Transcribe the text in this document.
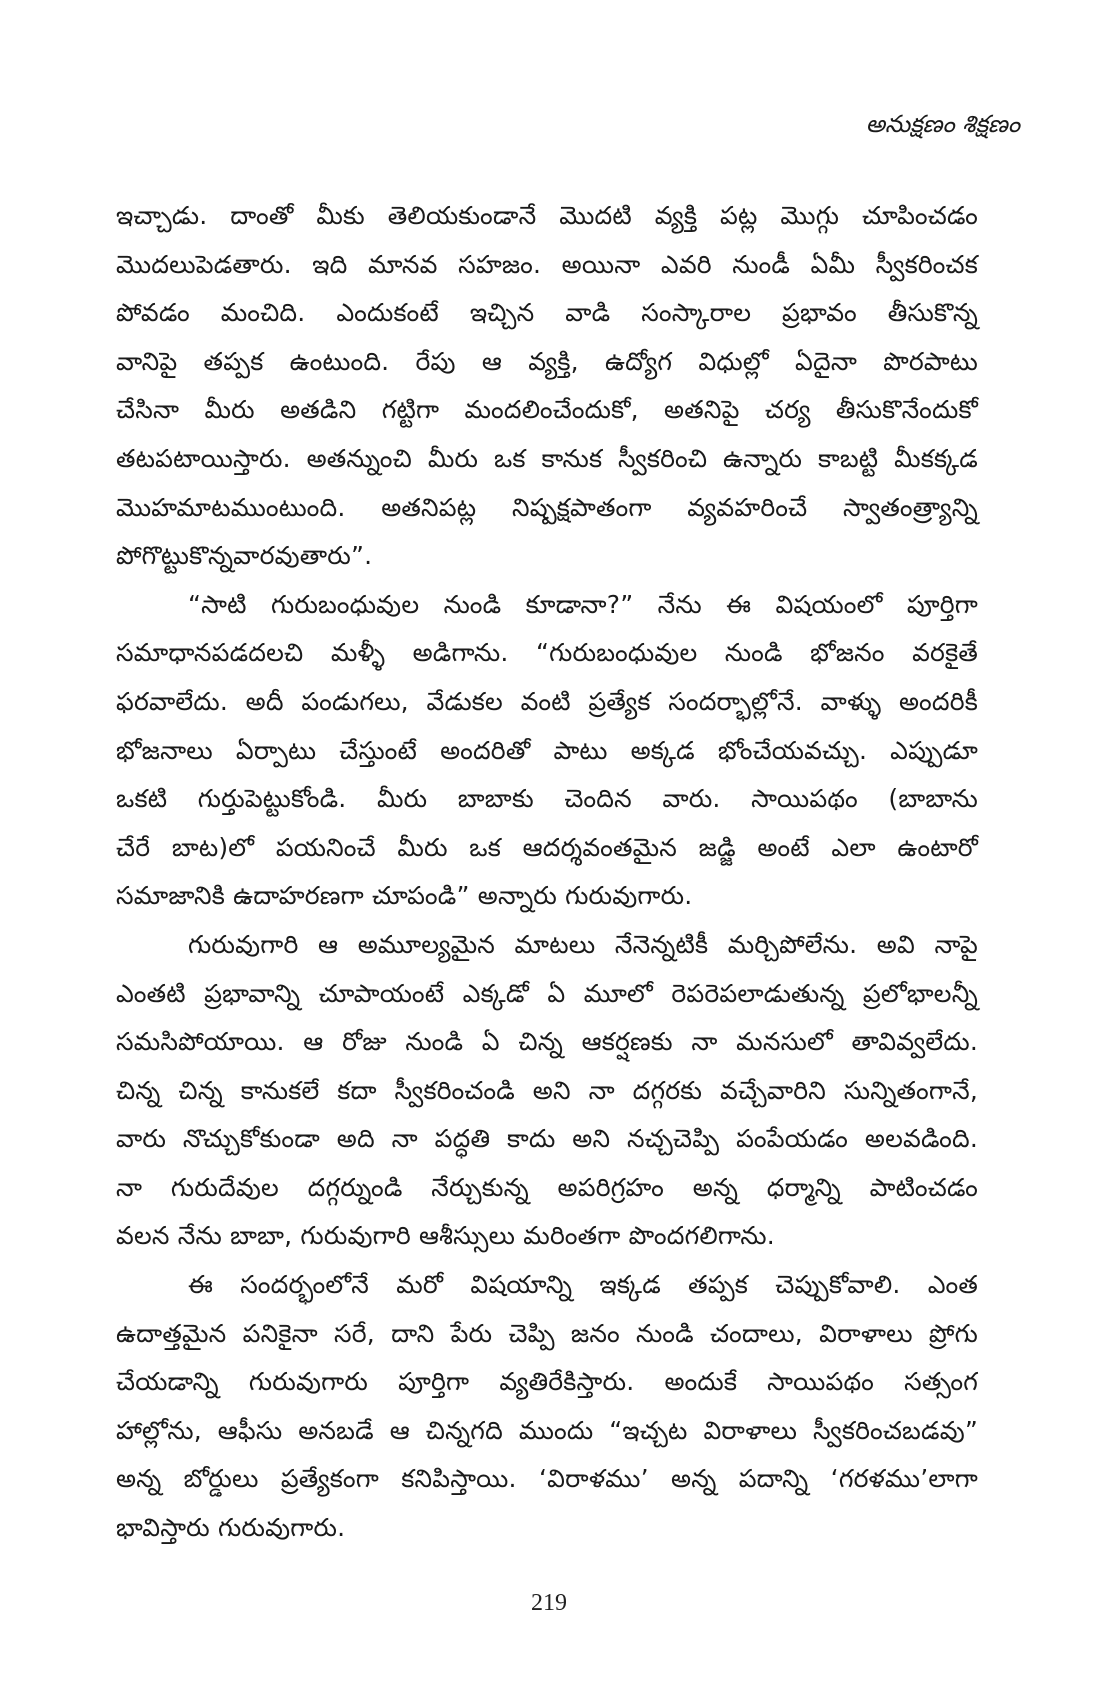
అనుక్షణం శిక్షణం
ఇచ్చాడు. దాంతో మీకు తెలియకుండానే మొదటి వ్యక్తి పట్ల మొగ్గు చూపించడం
మొదలుపెడతారు. ఇది మానవ సహజం. అయినా ఎవరి నుండీ ఏమీ స్వీకరించక
పోవడం మంచిది. ఎందుకంటే ఇచ్చిన వాడి సంస్కారాల ప్రభావం తీసుకొన్న
వానిపై తప్పక ఉంటుంది. రేపు ఆ వ్యక్తి, ఉద్యోగ విధుల్లో ఏదైనా పొరపాటు
చేసినా మీరు అతడిని గట్టిగా మందలించేందుకో, అతనిపై చర్య తీసుకొనేందుకో
తటపటాయిస్తారు. అతన్నుంచి మీరు ఒక కానుక స్వీకరించి ఉన్నారు కాబట్టి మీకక్కడ
మొహమాటముంటుంది. అతనిపట్ల నిష్పక్షపాతంగా వ్యవహరించే స్వాతంత్ర్యాన్ని
పోగొట్టుకొన్నవారవుతారు”.
“సాటి గురుబంధువుల నుండి కూడానా?” నేను ఈ విషయంలో పూర్తిగా
సమాధానపడదలచి మళ్ళీ అడిగాను. “గురుబంధువుల నుండి భోజనం వరకైతే
ఫరవాలేదు. అదీ పండుగలు, వేడుకల వంటి ప్రత్యేక సందర్భాల్లోనే. వాళ్ళు అందరికీ
భోజనాలు ఏర్పాటు చేస్తుంటే అందరితో పాటు అక్కడ భోంచేయవచ్చు. ఎప్పుడూ
ఒకటి గుర్తుపెట్టుకోండి. మీరు బాబాకు చెందిన వారు. సాయిపథం (బాబాను
చేరే బాట)లో పయనించే మీరు ఒక ఆదర్శవంతమైన జడ్జి అంటే ఎలా ఉంటారో
సమాజానికి ఉదాహరణగా చూపండి” అన్నారు గురువుగారు.
గురువుగారి ఆ అమూల్యమైన మాటలు నేనెన్నటికీ మర్చిపోలేను. అవి నాపై
ఎంతటి ప్రభావాన్ని చూపాయంటే ఎక్కడో ఏ మూలో రెపరెపలాడుతున్న ప్రలోభాలన్నీ
సమసిపోయాయి. ఆ రోజు నుండి ఏ చిన్న ఆకర్షణకు నా మనసులో తావివ్వలేదు.
చిన్న చిన్న కానుకలే కదా స్వీకరించండి అని నా దగ్గరకు వచ్చేవారిని సున్నితంగానే,
వారు నొచ్చుకోకుండా అది నా పద్ధతి కాదు అని నచ్చచెప్పి పంపేయడం అలవడింది.
నా గురుదేవుల దగ్గర్నుండి నేర్చుకున్న అపరిగ్రహం అన్న ధర్మాన్ని పాటించడం
వలన నేను బాబా, గురువుగారి ఆశీస్సులు మరింతగా పొందగలిగాను.
ఈ సందర్భంలోనే మరో విషయాన్ని ఇక్కడ తప్పక చెప్పుకోవాలి. ఎంత
ఉదాత్తమైన పనికైనా సరే, దాని పేరు చెప్పి జనం నుండి చందాలు, విరాళాలు ప్రోగు
చేయడాన్ని గురువుగారు పూర్తిగా వ్యతిరేకిస్తారు. అందుకే సాయిపథం సత్సంగ
హాల్లోను, ఆఫీసు అనబడే ఆ చిన్నగది ముందు “ఇచ్చట విరాళాలు స్వీకరించబడవు”
అన్న బోర్డులు ప్రత్యేకంగా కనిపిస్తాయి. ‘విరాళము’ అన్న పదాన్ని ‘గరళము’లాగా
భావిస్తారు గురువుగారు.
219
